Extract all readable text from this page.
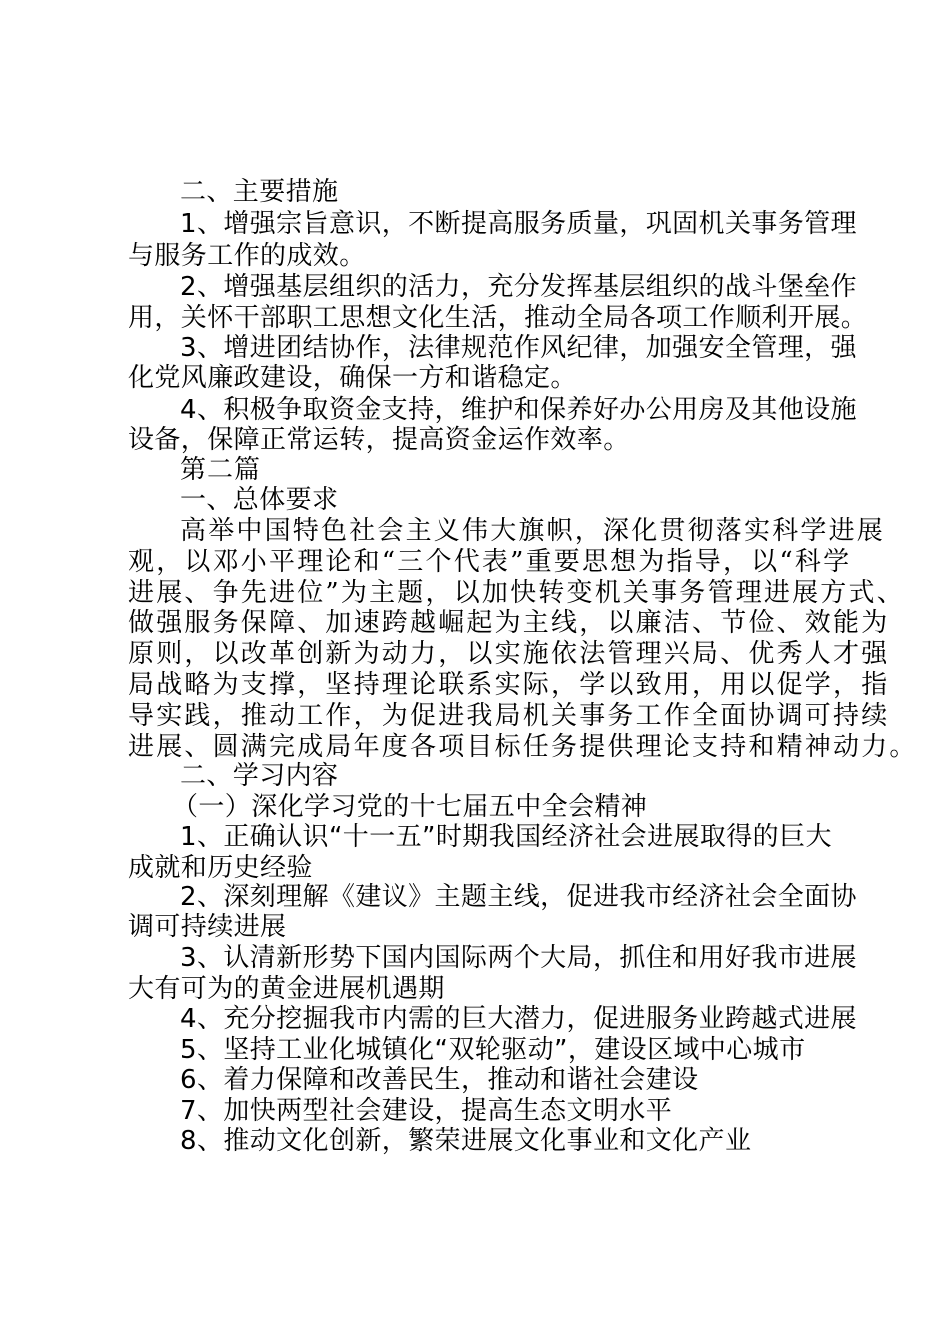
二、主要措施
1、增强宗旨意识，不断提高服务质量，巩固机关事务管理
与服务工作的成效。
2、增强基层组织的活力，充分发挥基层组织的战斗堡垒作
用，关怀干部职工思想文化生活，推动全局各项工作顺利开展。
3、增进团结协作，法律规范作风纪律，加强安全管理，强
化党风廉政建设，确保一方和谐稳定。
4、积极争取资金支持，维护和保养好办公用房及其他设施
设备，保障正常运转，提高资金运作效率。
第二篇
一、总体要求
高举中国特色社会主义伟大旗帜，深化贯彻落实科学进展
观，以邓小平理论和“三个代表”重要思想为指导，以“科学
进展、争先进位”为主题，以加快转变机关事务管理进展方式、
做强服务保障、加速跨越崛起为主线，以廉洁、节俭、效能为
原则，以改革创新为动力，以实施依法管理兴局、优秀人才强
局战略为支撑，坚持理论联系实际，学以致用，用以促学，指
导实践，推动工作，为促进我局机关事务工作全面协调可持续
进展、圆满完成局年度各项目标任务提供理论支持和精神动力。
二、学习内容
（一）深化学习党的十七届五中全会精神
1、正确认识“十一五”时期我国经济社会进展取得的巨大
成就和历史经验
2、深刻理解《建议》主题主线，促进我市经济社会全面协
调可持续进展
3、认清新形势下国内国际两个大局，抓住和用好我市进展
大有可为的黄金进展机遇期
4、充分挖掘我市内需的巨大潜力，促进服务业跨越式进展
5、坚持工业化城镇化“双轮驱动”，建设区域中心城市
6、着力保障和改善民生，推动和谐社会建设
7、加快两型社会建设，提高生态文明水平
8、推动文化创新，繁荣进展文化事业和文化产业
